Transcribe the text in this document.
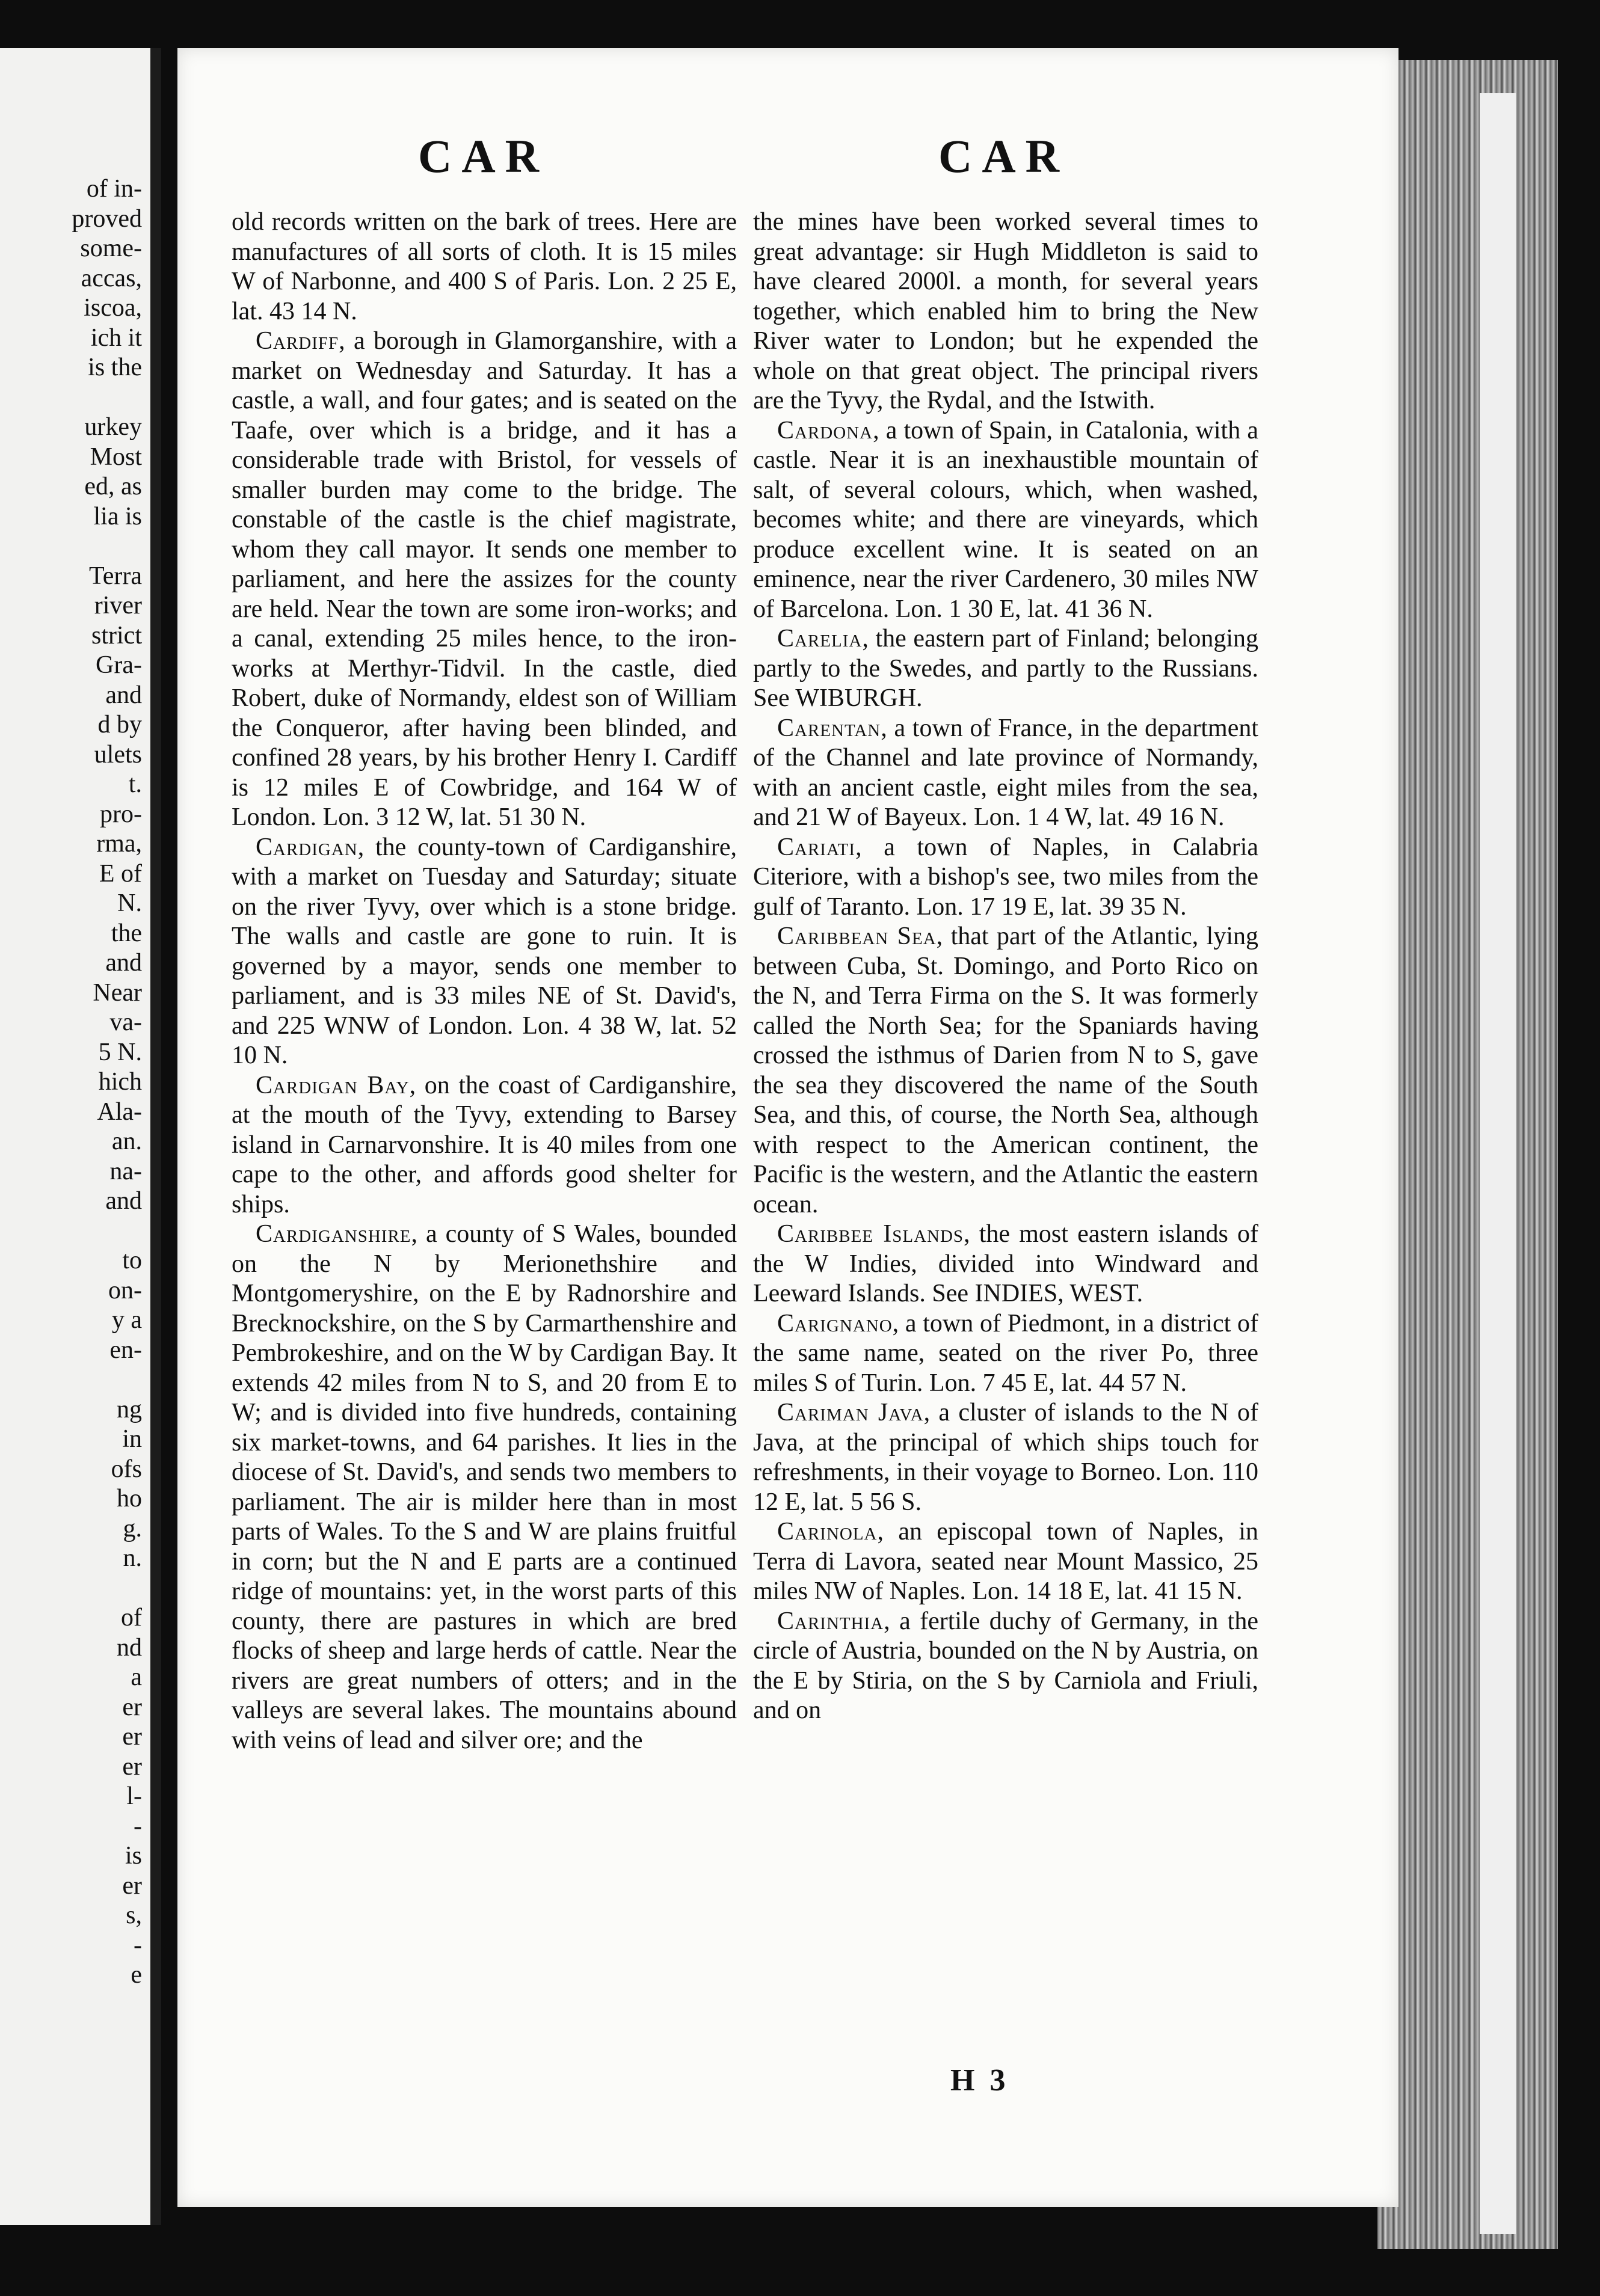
of in-
proved
some-
accas,
iscoa,
ich it
is the
urkey
Most
ed, as
lia is
Terra
river
strict
Gra-
and
d by
ulets
t.
pro-
rma,
E of
N.
the
and
Near
va-
5 N.
hich
Ala-
an.
na-
and
to
on-
y a
en-
ng
in
ofs
ho
g.
n.
of
nd
a
er
er
er
l-
-
is
er
s,
-
e
CAR	CAR

old records written on the bark of trees. Here are manufactures of all sorts of cloth. It is 15 miles W of Narbonne, and 400 S of Paris. Lon. 2 25 E, lat. 43 14 N.

Cardiff, a borough in Glamorganshire, with a market on Wednesday and Saturday. It has a castle, a wall, and four gates; and is seated on the Taafe, over which is a bridge, and it has a considerable trade with Bristol, for vessels of smaller burden may come to the bridge. The constable of the castle is the chief magistrate, whom they call mayor. It sends one member to parliament, and here the assizes for the county are held. Near the town are some iron-works; and a canal, extending 25 miles hence, to the iron-works at Merthyr-Tidvil. In the castle, died Robert, duke of Normandy, eldest son of William the Conqueror, after having been blinded, and confined 28 years, by his brother Henry I. Cardiff is 12 miles E of Cowbridge, and 164 W of London. Lon. 3 12 W, lat. 51 30 N.

Cardigan, the county-town of Cardiganshire, with a market on Tuesday and Saturday; situate on the river Tyvy, over which is a stone bridge. The walls and castle are gone to ruin. It is governed by a mayor, sends one member to parliament, and is 33 miles NE of St. David's, and 225 WNW of London. Lon. 4 38 W, lat. 52 10 N.

Cardigan Bay, on the coast of Cardiganshire, at the mouth of the Tyvy, extending to Barsey island in Carnarvonshire. It is 40 miles from one cape to the other, and affords good shelter for ships.

Cardiganshire, a county of S Wales, bounded on the N by Merionethshire and Montgomeryshire, on the E by Radnorshire and Brecknockshire, on the S by Carmarthenshire and Pembrokeshire, and on the W by Cardigan Bay. It extends 42 miles from N to S, and 20 from E to W; and is divided into five hundreds, containing six market-towns, and 64 parishes. It lies in the diocese of St. David's, and sends two members to parliament. The air is milder here than in most parts of Wales. To the S and W are plains fruitful in corn; but the N and E parts are a continued ridge of mountains: yet, in the worst parts of this county, there are pastures in which are bred flocks of sheep and large herds of cattle. Near the rivers are great numbers of otters; and in the valleys are several lakes. The mountains abound with veins of lead and silver ore; and the

the mines have been worked several times to great advantage: sir Hugh Middleton is said to have cleared 2000l. a month, for several years together, which enabled him to bring the New River water to London; but he expended the whole on that great object. The principal rivers are the Tyvy, the Rydal, and the Istwith.

Cardona, a town of Spain, in Catalonia, with a castle. Near it is an inexhaustible mountain of salt, of several colours, which, when washed, becomes white; and there are vineyards, which produce excellent wine. It is seated on an eminence, near the river Cardenero, 30 miles NW of Barcelona. Lon. 1 30 E, lat. 41 36 N.

Carelia, the eastern part of Finland; belonging partly to the Swedes, and partly to the Russians. See WIBURGH.

Carentan, a town of France, in the department of the Channel and late province of Normandy, with an ancient castle, eight miles from the sea, and 21 W of Bayeux. Lon. 1 4 W, lat. 49 16 N.

Cariati, a town of Naples, in Calabria Citeriore, with a bishop's see, two miles from the gulf of Taranto. Lon. 17 19 E, lat. 39 35 N.

Caribbean Sea, that part of the Atlantic, lying between Cuba, St. Domingo, and Porto Rico on the N, and Terra Firma on the S. It was formerly called the North Sea; for the Spaniards having crossed the isthmus of Darien from N to S, gave the sea they discovered the name of the South Sea, and this, of course, the North Sea, although with respect to the American continent, the Pacific is the western, and the Atlantic the eastern ocean.

Caribbee Islands, the most eastern islands of the W Indies, divided into Windward and Leeward Islands. See INDIES, WEST.

Carignano, a town of Piedmont, in a district of the same name, seated on the river Po, three miles S of Turin. Lon. 7 45 E, lat. 44 57 N.

Cariman Java, a cluster of islands to the N of Java, at the principal of which ships touch for refreshments, in their voyage to Borneo. Lon. 110 12 E, lat. 5 56 S.

Carinola, an episcopal town of Naples, in Terra di Lavora, seated near Mount Massico, 25 miles NW of Naples. Lon. 14 18 E, lat. 41 15 N.

Carinthia, a fertile duchy of Germany, in the circle of Austria, bounded on the N by Austria, on the E by Stiria, on the S by Carniola and Friuli, and on

H 3
